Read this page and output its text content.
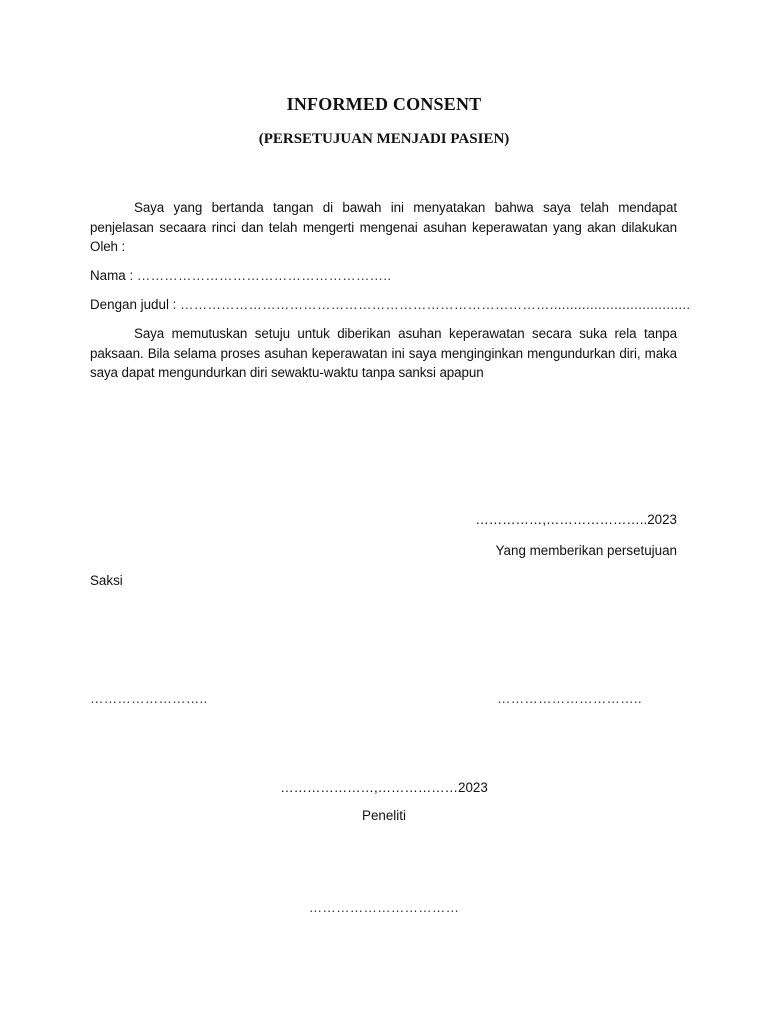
INFORMED CONSENT
(PERSETUJUAN MENJADI PASIEN)

Saya yang bertanda tangan di bawah ini menyatakan bahwa saya telah mendapat penjelasan secaara rinci dan telah mengerti mengenai asuhan keperawatan yang akan dilakukan Oleh :

Nama : ………………………………………………..
Dengan judul : ………………………………………………………………………...................................

Saya memutuskan setuju untuk diberikan asuhan keperawatan secara suka rela tanpa paksaan. Bila selama proses asuhan keperawatan ini saya menginginkan mengundurkan diri, maka saya dapat mengundurkan diri sewaktu-waktu tanpa sanksi apapun

……………,…………………..2023
Yang memberikan persetujuan
Saksi
……………………..	…………………………..
…………………,………………2023
Peneliti
……………………………
